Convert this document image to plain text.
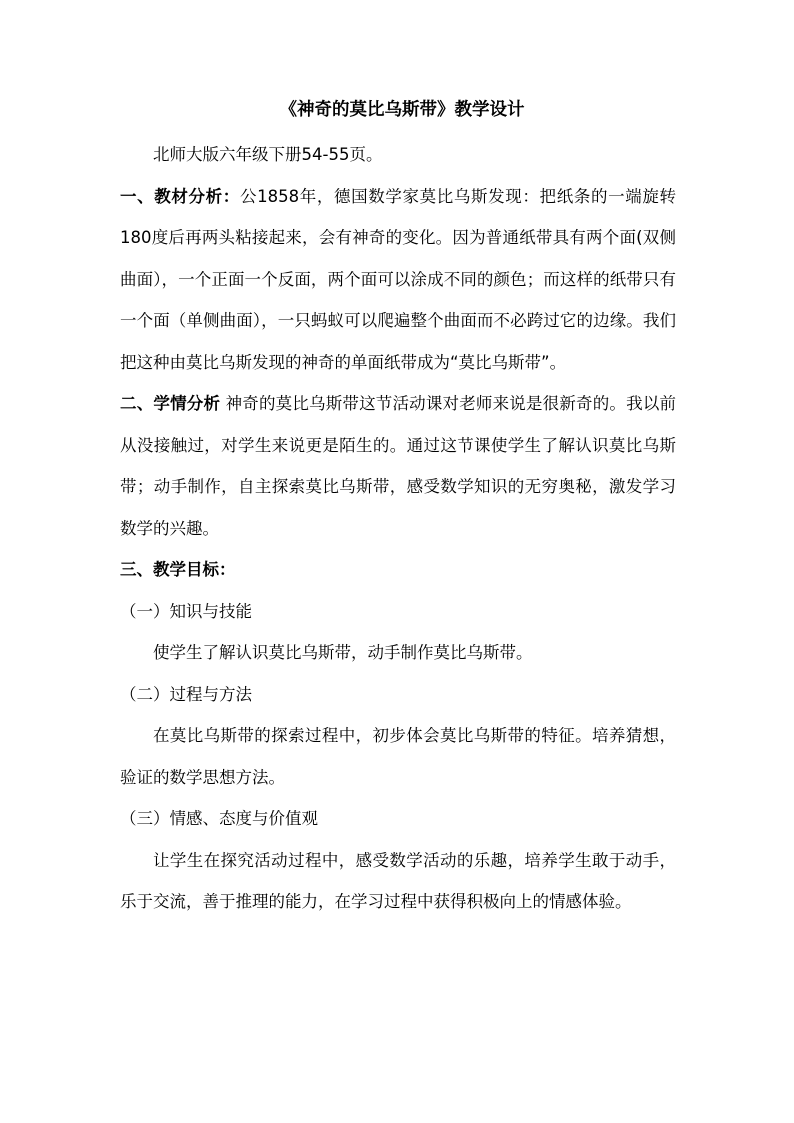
《神奇的莫比乌斯带》教学设计

北师大版六年级下册54-55页。

一、教材分析：公1858年，德国数学家莫比乌斯发现：把纸条的一端旋转180度后再两头粘接起来，会有神奇的变化。因为普通纸带具有两个面(双侧曲面），一个正面一个反面，两个面可以涂成不同的颜色；而这样的纸带只有一个面（单侧曲面），一只蚂蚁可以爬遍整个曲面而不必跨过它的边缘。我们把这种由莫比乌斯发现的神奇的单面纸带成为“莫比乌斯带”。

二、学情分析 神奇的莫比乌斯带这节活动课对老师来说是很新奇的。我以前从没接触过，对学生来说更是陌生的。通过这节课使学生了解认识莫比乌斯带；动手制作，自主探索莫比乌斯带，感受数学知识的无穷奥秘，激发学习数学的兴趣。

三、教学目标：

（一）知识与技能

使学生了解认识莫比乌斯带，动手制作莫比乌斯带。

（二）过程与方法

在莫比乌斯带的探索过程中，初步体会莫比乌斯带的特征。培养猜想，验证的数学思想方法。

（三）情感、态度与价值观

让学生在探究活动过程中，感受数学活动的乐趣，培养学生敢于动手，乐于交流，善于推理的能力，在学习过程中获得积极向上的情感体验。
